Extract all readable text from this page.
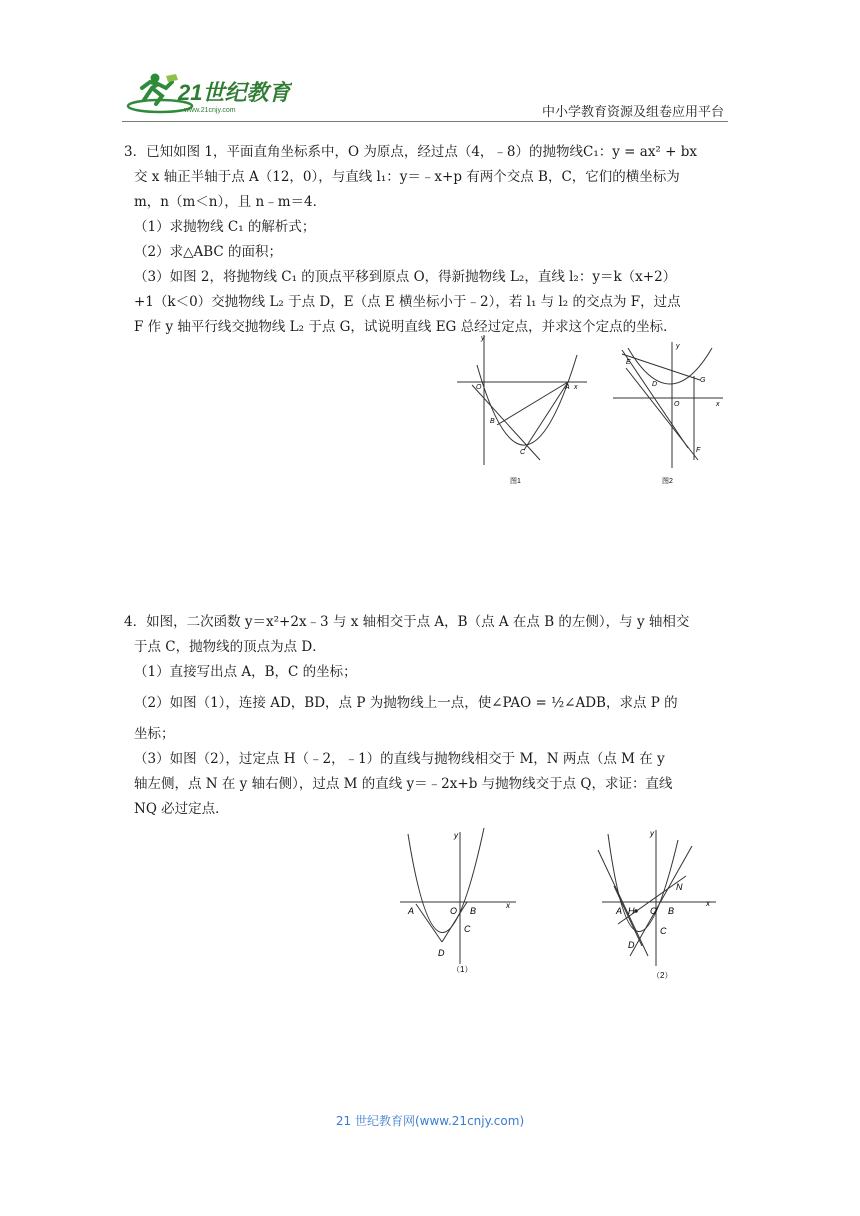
21世纪教育
www.21cnjy.com	中小学教育资源及组卷应用平台
3．已知如图 1，平面直角坐标系中，O 为原点，经过点（4，﹣8）的抛物线C₁：y = ax² + bx
交 x 轴正半轴于点 A（12，0），与直线 l₁：y＝﹣x+p 有两个交点 B，C，它们的横坐标为
m，n（m＜n），且 n﹣m＝4．
（1）求抛物线 C₁ 的解析式；
（2）求△ABC 的面积；
（3）如图 2，将抛物线 C₁ 的顶点平移到原点 O，得新抛物线 L₂，直线 l₂：y＝k（x+2）
+1（k＜0）交抛物线 L₂ 于点 D，E（点 E 横坐标小于﹣2），若 l₁ 与 l₂ 的交点为 F，过点
F 作 y 轴平行线交抛物线 L₂ 于点 G，试说明直线 EG 总经过定点，并求这个定点的坐标．
y
O	A x
B
C
图1
y
E
D
G
O	x
F
图2
4．如图，二次函数 y＝x²+2x﹣3 与 x 轴相交于点 A，B（点 A 在点 B 的左侧），与 y 轴相交
于点 C，抛物线的顶点为点 D．
（1）直接写出点 A，B，C 的坐标；
（2）如图（1），连接 AD，BD，点 P 为抛物线上一点，使∠PAO = ½∠ADB，求点 P 的
坐标；
（3）如图（2），过定点 H（﹣2，﹣1）的直线与抛物线相交于 M，N 两点（点 M 在 y
轴左侧，点 N 在 y 轴右侧），过点 M 的直线 y＝﹣2x+b 与抛物线交于点 Q，求证：直线
NQ 必过定点．
y
A	O B
x
C
D
（1）
y
N
A H O B
x
C
D
（2）
21 世纪教育网(www.21cnjy.com)
